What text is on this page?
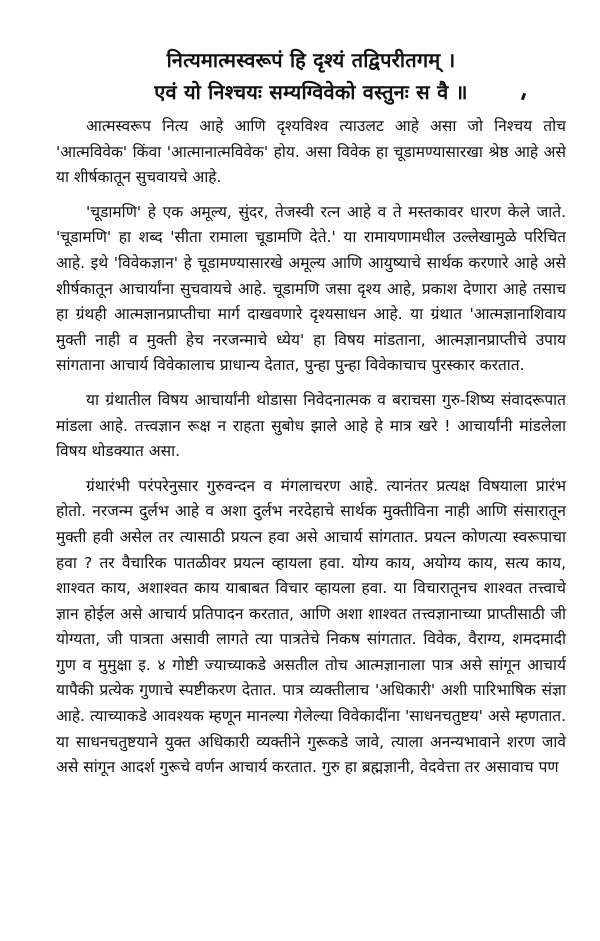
नित्यमात्मस्वरूपं हि दृश्यं तद्विपरीतगम् ।
एवं यो निश्चयः सम्यग्विवेको वस्तुनः स वै ॥

आत्मस्वरूप नित्य आहे आणि दृश्यविश्व त्याउलट आहे असा जो निश्चय तोच 'आत्मविवेक' किंवा 'आत्मानात्मविवेक' होय. असा विवेक हा चूडामण्यासारखा श्रेष्ठ आहे असे या शीर्षकातून सुचवायचे आहे.

'चूडामणि' हे एक अमूल्य, सुंदर, तेजस्वी रत्न आहे व ते मस्तकावर धारण केले जाते. 'चूडामणि' हा शब्द 'सीता रामाला चूडामणि देते.' या रामायणामधील उल्लेखामुळे परिचित आहे. इथे 'विवेकज्ञान' हे चूडामण्यासारखे अमूल्य आणि आयुष्याचे सार्थक करणारे आहे असे शीर्षकातून आचार्यांना सुचवायचे आहे. चूडामणि जसा दृश्य आहे, प्रकाश देणारा आहे तसाच हा ग्रंथही आत्मज्ञानप्राप्तीचा मार्ग दाखवणारे दृश्यसाधन आहे. या ग्रंथात 'आत्मज्ञानाशिवाय मुक्ती नाही व मुक्ती हेच नरजन्माचे ध्येय' हा विषय मांडताना, आत्मज्ञानप्राप्तीचे उपाय सांगताना आचार्य विवेकालाच प्राधान्य देतात, पुन्हा पुन्हा विवेकाचाच पुरस्कार करतात.

या ग्रंथातील विषय आचार्यांनी थोडासा निवेदनात्मक व बराचसा गुरु-शिष्य संवादरूपात मांडला आहे. तत्त्वज्ञान रूक्ष न राहता सुबोध झाले आहे हे मात्र खरे ! आचार्यांनी मांडलेला विषय थोडक्यात असा.

ग्रंथारंभी परंपरेनुसार गुरुवन्दन व मंगलाचरण आहे. त्यानंतर प्रत्यक्ष विषयाला प्रारंभ होतो. नरजन्म दुर्लभ आहे व अशा दुर्लभ नरदेहाचे सार्थक मुक्तीविना नाही आणि संसारातून मुक्ती हवी असेल तर त्यासाठी प्रयत्न हवा असे आचार्य सांगतात. प्रयत्न कोणत्या स्वरूपाचा हवा ? तर वैचारिक पातळीवर प्रयत्न व्हायला हवा. योग्य काय, अयोग्य काय, सत्य काय, शाश्वत काय, अशाश्वत काय याबाबत विचार व्हायला हवा. या विचारातूनच शाश्वत तत्त्वाचे ज्ञान होईल असे आचार्य प्रतिपादन करतात, आणि अशा शाश्वत तत्त्वज्ञानाच्या प्राप्तीसाठी जी योग्यता, जी पात्रता असावी लागते त्या पात्रतेचे निकष सांगतात. विवेक, वैराग्य, शमदमादी गुण व मुमुक्षा इ. ४ गोष्टी ज्याच्याकडे असतील तोच आत्मज्ञानाला पात्र असे सांगून आचार्य यापैकी प्रत्येक गुणाचे स्पष्टीकरण देतात. पात्र व्यक्तीलाच 'अधिकारी' अशी पारिभाषिक संज्ञा आहे. त्याच्याकडे आवश्यक म्हणून मानल्या गेलेल्या विवेकादींना 'साधनचतुष्टय' असे म्हणतात. या साधनचतुष्टयाने युक्त अधिकारी व्यक्तीने गुरूकडे जावे, त्याला अनन्यभावाने शरण जावे असे सांगून आदर्श गुरूचे वर्णन आचार्य करतात. गुरु हा ब्रह्मज्ञानी, वेदवेत्ता तर असावाच पण
